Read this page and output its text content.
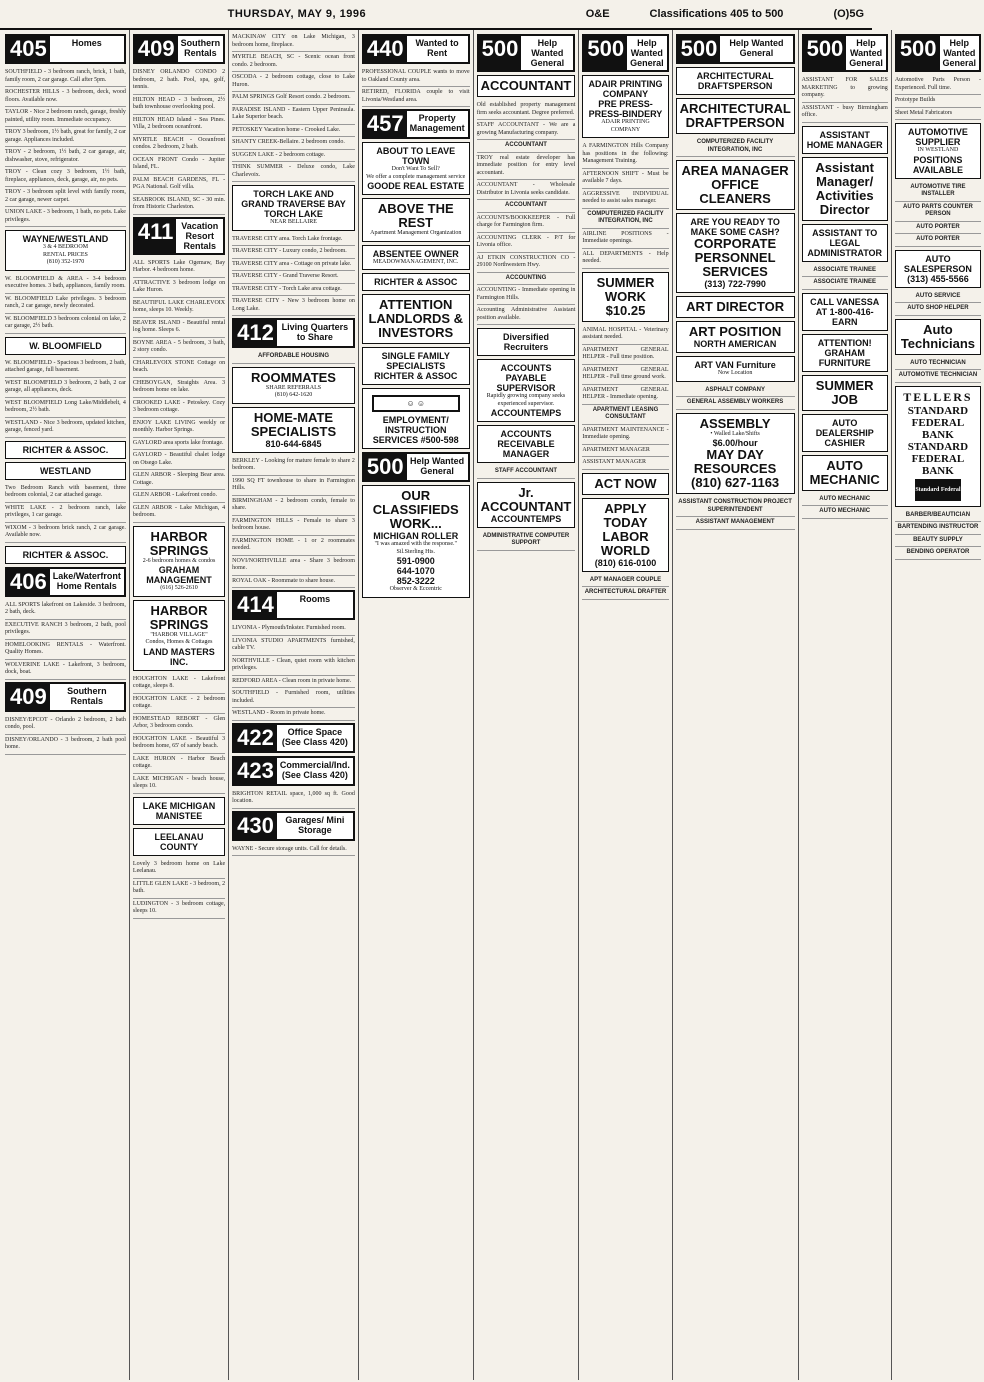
THURSDAY, MAY 9, 1996	O&E	Classifications 405 to 500	(O)5G
405	Homes
SOUTHFIELD - 3 bedroom ranch, brick, 1 bath, family room, 2 car garage. Call after 5pm.
ROCHESTER HILLS - 3 bedroom, deck, wood floors. Available now.
TAYLOR - Nice 2 bedroom ranch, garage, freshly painted, utility room. Immediate occupancy.
TROY 3 bedroom, 1½ bath, great for family, 2 car garage. Appliances included.
TROY - 2 bedroom, 1½ bath, 2 car garage, air, dishwasher, stove, refrigerator.
TROY - Clean cozy 3 bedroom, 1½ bath, fireplace, appliances, deck, garage, air, no pets.
TROY - 3 bedroom split level with family room, 2 car garage, newer carpet.
UNION LAKE - 3 bedroom, 1 bath, no pets. Lake privileges.
WAYNE/WESTLAND
3 & 4 BEDROOM
RENTAL PRICES
(810) 352-1970
W. BLOOMFIELD & AREA - 3-4 bedroom executive homes. 3 bath, appliances, family room.
W. BLOOMFIELD Lake privileges. 3 bedroom ranch, 2 car garage, newly decorated.
W. BLOOMFIELD 3 bedroom colonial on lake, 2 car garage, 2½ bath.
W. BLOOMFIELD
W. BLOOMFIELD - Spacious 3 bedroom, 2 bath, attached garage, full basement.
WEST BLOOMFIELD 3 bedroom, 2 bath, 2 car garage, all appliances, deck.
WEST BLOOMFIELD Long Lake/Middlebelt, 4 bedroom, 2½ bath.
WESTLAND - Nice 3 bedroom, updated kitchen, garage, fenced yard.
RICHTER & ASSOC.
WESTLAND
Two Bedroom Ranch with basement, three bedroom colonial, 2 car attached garage.
WHITE LAKE - 2 bedroom ranch, lake privileges, 1 car garage.
WIXOM - 3 bedroom brick ranch, 2 car garage. Available now.
RICHTER & ASSOC.
406 Lake/Waterfront Home Rentals
ALL SPORTS lakefront on Lakeside. 3 bedroom, 2 bath, deck.
EXECUTIVE RANCH 3 bedroom, 2 bath, pool privileges.
HOMELOOKING RENTALS - Waterfront. Quality Homes.
WOLVERINE LAKE - Lakefront, 3 bedroom, dock, boat.
409	Southern Rentals
DISNEY/EPCOT - Orlando 2 bedroom, 2 bath condo, pool.
DISNEY/ORLANDO - 3 bedroom, 2 bath pool home.
409 Southern Rentals
DISNEY ORLANDO CONDO 2 bedroom, 2 bath. Pool, spa, golf, tennis.
HILTON HEAD - 3 bedroom, 2½ bath townhouse overlooking pool.
HILTON HEAD Island - Sea Pines. Villa, 2 bedroom oceanfront.
MYRTLE BEACH - Oceanfront condos. 2 bedroom, 2 bath.
OCEAN FRONT Condo - Jupiter Island, FL.
PALM BEACH GARDENS, FL - PGA National. Golf villa.
SEABROOK ISLAND, SC - 30 min. from Historic Charleston.
411 Vacation Resort Rentals
ALL SPORTS Lake Ogemaw, Bay Harbor. 4 bedroom home.
ATTRACTIVE 3 bedroom lodge on Lake Huron.
BEAUTIFUL LAKE CHARLEVOIX home, sleeps 10. Weekly.
BEAVER ISLAND - Beautiful rental log home. Sleeps 6.
BOYNE AREA - 5 bedroom, 3 bath, 2 story condo.
CHARLEVOIX STONE Cottage on beach.
CHEBOYGAN, Straights Area. 3 bedroom home on lake.
CROOKED LAKE - Petoskey. Cozy 3 bedroom cottage.
ENJOY LAKE LIVING weekly or monthly. Harbor Springs.
GAYLORD area sports lake frontage.
GAYLORD - Beautiful chalet lodge on Otsego Lake.
GLEN ARBOR - Sleeping Bear area. Cottage.
GLEN ARBOR - Lakefront condo.
GLEN ARBOR - Lake Michigan, 4 bedroom.
HARBOR SPRINGS
2-6 bedroom homes & condos
GRAHAM MANAGEMENT
(616) 526-2610
HARBOR SPRINGS
"HARBOR VILLAGE"
Condos, Homes & Cottages
LAND MASTERS INC.
HOUGHTON LAKE - Lakefront cottage, sleeps 8.
HOUGHTON LAKE - 2 bedroom cottage.
HOMESTEAD REBORT - Glen Arbor, 3 bedroom condo.
HOUGHTON LAKE - Beautiful 3 bedroom home, 65' of sandy beach.
LAKE HURON - Harbor Beach cottage.
LAKE MICHIGAN - beach house, sleeps 10.
LAKE MICHIGAN MANISTEE
LEELANAU COUNTY
Lovely 3 bedroom home on Lake Leelanau.
LITTLE GLEN LAKE - 3 bedroom, 2 bath.
LUDINGTON - 3 bedroom cottage, sleeps 10.
MACKINAW CITY on Lake Michigan, 3 bedroom home, fireplace.
MYRTLE BEACH, SC - Scenic ocean front condo. 2 bedroom.
OSCODA - 2 bedroom cottage, close to Lake Huron.
PALM SPRINGS Golf Resort condo. 2 bedroom.
PARADISE ISLAND - Eastern Upper Peninsula. Lake Superior beach.
PETOSKEY Vacation home - Crooked Lake.
SHANTY CREEK-Bellaire. 2 bedroom condo.
SUGGEN LAKE - 2 bedroom cottage.
THINK SUMMER - Deluxe condo, Lake Charlevoix.
TORCH LAKE AND GRAND TRAVERSE BAY
TORCH LAKE
NEAR BELLAIRE
TRAVERSE CITY area. Torch Lake frontage.
TRAVERSE CITY - Luxury condo, 2 bedroom.
TRAVERSE CITY area - Cottage on private lake.
TRAVERSE CITY - Grand Traverse Resort.
TRAVERSE CITY - Torch Lake area cottage.
TRAVERSE CITY - New 3 bedroom home on Long Lake.
412 Living Quarters to Share
AFFORDABLE HOUSING
ROOMMATES
SHARE REFERRALS
(810) 642-1620
HOME-MATE SPECIALISTS
810-644-6845
BERKLEY - Looking for mature female to share 2 bedroom.
1990 SQ FT townhouse to share in Farmington Hills.
BIRMINGHAM - 2 bedroom condo, female to share.
FARMINGTON HILLS - Female to share 3 bedroom house.
FARMINGTON HOME - 1 or 2 roommates needed.
NOVI/NORTHVILLE area - Share 3 bedroom home.
ROYAL OAK - Roommate to share house.
414	Rooms
LIVONIA - Plymouth/Inkster. Furnished room.
LIVONIA STUDIO APARTMENTS furnished, cable TV.
NORTHVILLE - Clean, quiet room with kitchen privileges.
REDFORD AREA - Clean room in private home.
SOUTHFIELD - Furnished room, utilities included.
WESTLAND - Room in private home.
422	Office Space (See Class 420)
423 Commercial/Ind. (See Class 420)
BRIGHTON RETAIL space, 1,000 sq ft. Good location.
430	Garages/ Mini Storage
WAYNE - Secure storage units. Call for details.
440	Wanted to Rent
PROFESSIONAL COUPLE wants to move to Oakland County area.
RETIRED, FLORIDA couple to visit Livonia/Westland area.
457	Property Management
ABOUT TO LEAVE TOWN
Don't Want To Sell?
We offer a complete management service
GOODE REAL ESTATE
ABOVE THE REST
Apartment Management Organization
ABSENTEE OWNER
MEADOWMANAGEMENT, INC.
RICHTER & ASSOC
ATTENTION LANDLORDS & INVESTORS
SINGLE FAMILY SPECIALISTS
RICHTER & ASSOC
☺ ☺
EMPLOYMENT/ INSTRUCTION SERVICES #500-598
500 Help Wanted General
OUR CLASSIFIEDS WORK...
MICHIGAN ROLLER
"I was amazed with the response."
Sil.Sterling Hts.
591-0900
644-1070
852-3222
Observer & Eccentric
500	Help Wanted General
ACCOUNTANT
Old established property management firm seeks accountant. Degree preferred.
STAFF ACCOUNTANT - We are a growing Manufacturing company.
ACCOUNTANT
TROY real estate developer has immediate position for entry level accountant.
ACCOUNTANT - Wholesale Distributor in Livonia seeks candidate.
ACCOUNTANT
ACCOUNTS/BOOKKEEPER - Full charge for Farmington firm.
ACCOUNTING CLERK - P/T for Livonia office.
AJ ETKIN CONSTRUCTION CO - 29100 Northwestern Hwy.
ACCOUNTING
ACCOUNTING - Immediate opening in Farmington Hills.
Accounting Administrative Assistant position available.
Diversified Recruiters
ACCOUNTS PAYABLE SUPERVISOR
Rapidly growing company seeks experienced supervisor.
ACCOUNTEMPS
ACCOUNTS RECEIVABLE MANAGER
STAFF ACCOUNTANT
Jr. ACCOUNTANT
ACCOUNTEMPS
ADMINISTRATIVE COMPUTER SUPPORT
500	Help Wanted General
ADAIR PRINTING COMPANY
PRE PRESS-PRESS-BINDERY
ADAIR PRINTING COMPANY
A FARMINGTON Hills Company has positions in the following: Management Training.
AFTERNOON SHIFT - Must be available 7 days.
AGGRESSIVE INDIVIDUAL needed to assist sales manager.
COMPUTERIZED FACILITY INTEGRATION, INC
AIRLINE POSITIONS - Immediate openings.
ALL DEPARTMENTS - Help needed.
SUMMER WORK
$10.25
ANIMAL HOSPITAL - Veterinary assistant needed.
APARTMENT GENERAL HELPER - Full time position.
APARTMENT GENERAL HELPER - Full time ground work.
APARTMENT GENERAL HELPER - Immediate opening.
APARTMENT LEASING CONSULTANT
APARTMENT MAINTENANCE - Immediate opening.
APARTMENT MANAGER
ASSISTANT MANAGER
ACT NOW
APPLY TODAY
LABOR WORLD
(810) 616-0100
APT MANAGER COUPLE
ARCHITECTURAL DRAFTER
500	Help Wanted General
ARCHITECTURAL DRAFTSPERSON
ARCHITECTURAL DRAFTPERSON
COMPUTERIZED FACILITY INTEGRATION, INC
AREA MANAGER OFFICE CLEANERS
ARE YOU READY TO MAKE SOME CASH?
CORPORATE PERSONNEL SERVICES
(313) 722-7990
ART DIRECTOR
ART POSITION
NORTH AMERICAN
ART VAN Furniture
Now Location
ASPHALT COMPANY
GENERAL ASSEMBLY WORKERS
ASSEMBLY
• Walled Lake/Shifts
$6.00/hour
MAY DAY RESOURCES
(810) 627-1163
ASSISTANT CONSTRUCTION PROJECT SUPERINTENDENT
ASSISTANT MANAGEMENT
500	Help Wanted General
ASSISTANT FOR SALES MARKETING to growing company.
ASSISTANT - busy Birmingham office.
ASSISTANT HOME MANAGER
Assistant Manager/ Activities Director
ASSISTANT TO LEGAL ADMINISTRATOR
ASSOCIATE TRAINEE
ASSOCIATE TRAINEE
CALL VANESSA AT 1-800-416-EARN
ATTENTION!
GRAHAM FURNITURE
SUMMER JOB
AUTO DEALERSHIP CASHIER
AUTO MECHANIC
AUTO MECHANIC
AUTO MECHANIC
500	Help Wanted General
Automotive Parts Person - Experienced. Full time.
Prototype Builds
Sheet Metal Fabricators
AUTOMOTIVE SUPPLIER
IN WESTLAND
POSITIONS AVAILABLE
AUTOMOTIVE TIRE INSTALLER
AUTO PARTS COUNTER PERSON
AUTO PORTER
AUTO PORTER
AUTO SALESPERSON
(313) 455-5566
AUTO SERVICE
AUTO SHOP HELPER
Auto Technicians
AUTO TECHNICIAN
AUTOMOTIVE TECHNICIAN
TELLERS
STANDARD FEDERAL BANK
STANDARD FEDERAL BANK
Standard Federal
BARBER/BEAUTICIAN
BARTENDING INSTRUCTOR
BEAUTY SUPPLY
BENDING OPERATOR
